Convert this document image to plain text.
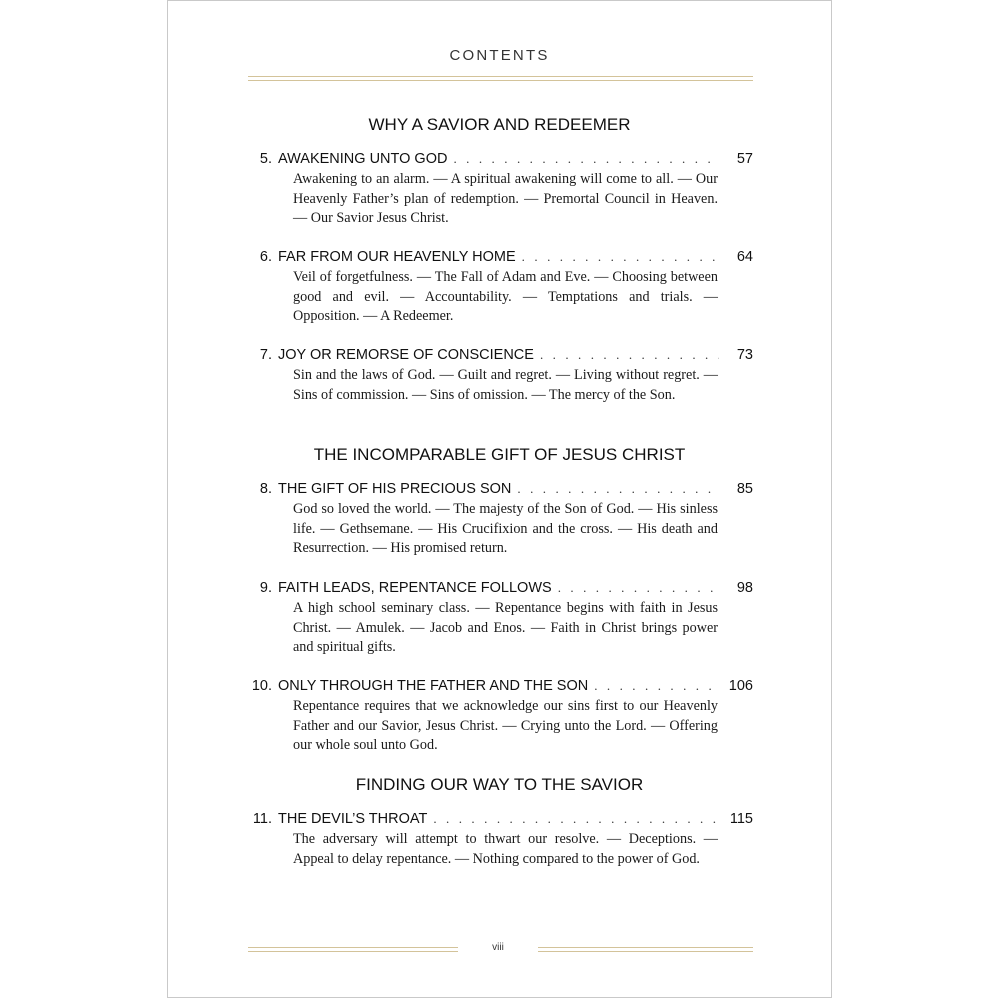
CONTENTS
WHY A SAVIOR AND REDEEMER
5. AWAKENING UNTO GOD . . .	57
Awakening to an alarm. — A spiritual awakening will come to all. — Our Heavenly Father’s plan of redemption. — Premortal Council in Heaven. — Our Savior Jesus Christ.
6. FAR FROM OUR HEAVENLY HOME . . .	64
Veil of forgetfulness. — The Fall of Adam and Eve. — Choosing between good and evil. — Accountability. — Temptations and trials. — Opposition. — A Redeemer.
7. JOY OR REMORSE OF CONSCIENCE . . .	73
Sin and the laws of God. — Guilt and regret. — Living without regret. — Sins of commission. — Sins of omission. — The mercy of the Son.
THE INCOMPARABLE GIFT OF JESUS CHRIST
8. THE GIFT OF HIS PRECIOUS SON . . .	85
God so loved the world. — The majesty of the Son of God. — His sinless life. — Gethsemane. — His Crucifixion and the cross. — His death and Resurrection. — His promised return.
9. FAITH LEADS, REPENTANCE FOLLOWS . . .	98
A high school seminary class. — Repentance begins with faith in Jesus Christ. — Amulek. — Jacob and Enos. — Faith in Christ brings power and spiritual gifts.
10. ONLY THROUGH THE FATHER AND THE SON . . .	106
Repentance requires that we acknowledge our sins first to our Heavenly Father and our Savior, Jesus Christ. — Crying unto the Lord. — Offering our whole soul unto God.
FINDING OUR WAY TO THE SAVIOR
11. THE DEVIL’S THROAT . . .	115
The adversary will attempt to thwart our resolve. — Deceptions. — Appeal to delay repentance. — Nothing compared to the power of God.
viii
